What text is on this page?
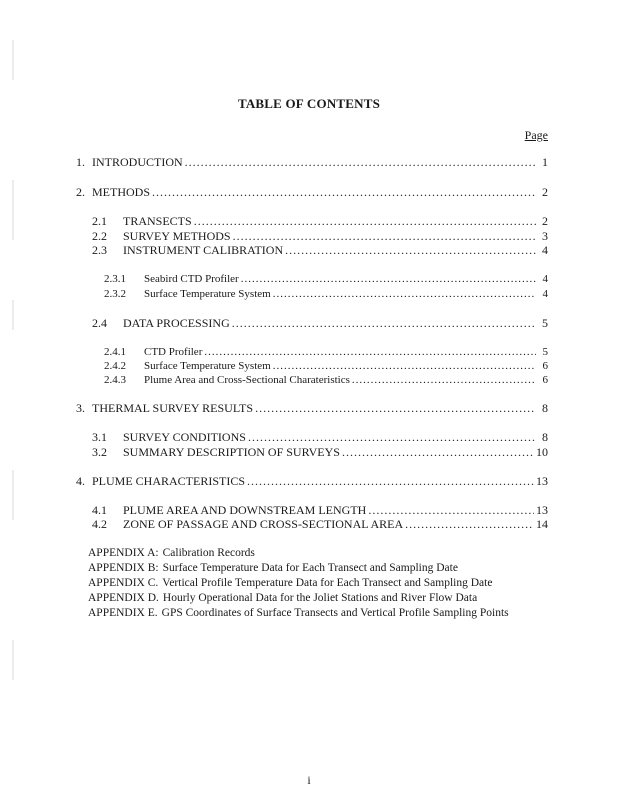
TABLE OF CONTENTS
Page
1. INTRODUCTION .....	1
2. METHODS .....	2
2.1	TRANSECTS .....	2
2.2	SURVEY METHODS .....	3
2.3	INSTRUMENT CALIBRATION .....	4
2.3.1	Seabird CTD Profiler .....	4
2.3.2	Surface Temperature System .....	4
2.4	DATA PROCESSING .....	5
2.4.1	CTD Profiler .....	5
2.4.2	Surface Temperature System .....	6
2.4.3	Plume Area and Cross-Sectional Charateristics .....	6
3. THERMAL SURVEY RESULTS .....	8
3.1	SURVEY CONDITIONS .....	8
3.2	SUMMARY DESCRIPTION OF SURVEYS .....	10
4. PLUME CHARACTERISTICS .....	13
4.1	PLUME AREA AND DOWNSTREAM LENGTH .....	13
4.2	ZONE OF PASSAGE AND CROSS-SECTIONAL AREA .....	14
APPENDIX A: Calibration Records
APPENDIX B: Surface Temperature Data for Each Transect and Sampling Date
APPENDIX C. Vertical Profile Temperature Data for Each Transect and Sampling Date
APPENDIX D. Hourly Operational Data for the Joliet Stations and River Flow Data
APPENDIX E. GPS Coordinates of Surface Transects and Vertical Profile Sampling Points
i
